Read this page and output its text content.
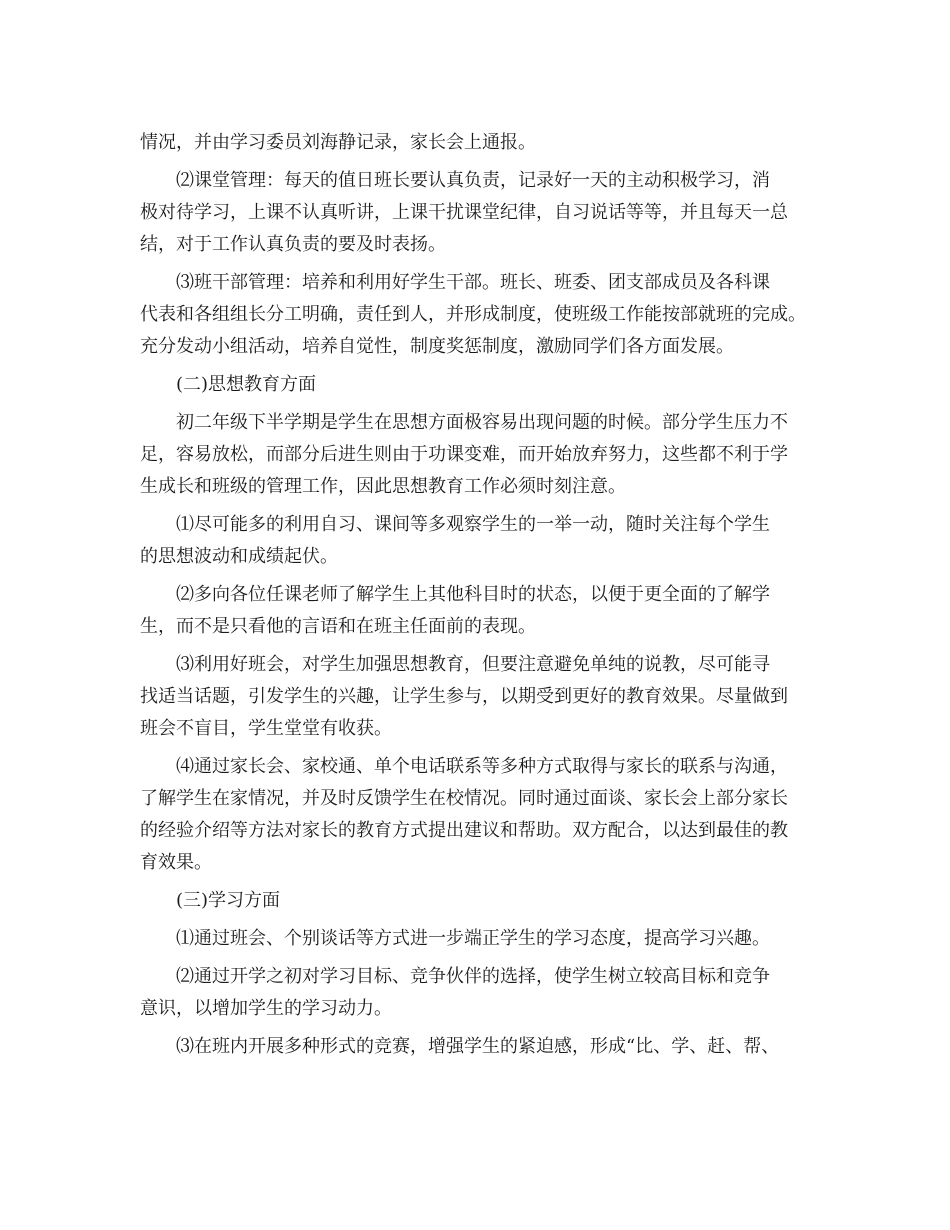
情况，并由学习委员刘海静记录，家长会上通报。
⑵课堂管理：每天的值日班长要认真负责，记录好一天的主动积极学习，消
极对待学习，上课不认真听讲，上课干扰课堂纪律，自习说话等等，并且每天一总
结，对于工作认真负责的要及时表扬。
⑶班干部管理：培养和利用好学生干部。班长、班委、团支部成员及各科课
代表和各组组长分工明确，责任到人，并形成制度，使班级工作能按部就班的完成。
充分发动小组活动，培养自觉性，制度奖惩制度，激励同学们各方面发展。
(二)思想教育方面
初二年级下半学期是学生在思想方面极容易出现问题的时候。部分学生压力不
足，容易放松，而部分后进生则由于功课变难，而开始放弃努力，这些都不利于学
生成长和班级的管理工作，因此思想教育工作必须时刻注意。
⑴尽可能多的利用自习、课间等多观察学生的一举一动，随时关注每个学生
的思想波动和成绩起伏。
⑵多向各位任课老师了解学生上其他科目时的状态，以便于更全面的了解学
生，而不是只看他的言语和在班主任面前的表现。
⑶利用好班会，对学生加强思想教育，但要注意避免单纯的说教，尽可能寻
找适当话题，引发学生的兴趣，让学生参与，以期受到更好的教育效果。尽量做到
班会不盲目，学生堂堂有收获。
⑷通过家长会、家校通、单个电话联系等多种方式取得与家长的联系与沟通，
了解学生在家情况，并及时反馈学生在校情况。同时通过面谈、家长会上部分家长
的经验介绍等方法对家长的教育方式提出建议和帮助。双方配合，以达到最佳的教
育效果。
(三)学习方面
⑴通过班会、个别谈话等方式进一步端正学生的学习态度，提高学习兴趣。
⑵通过开学之初对学习目标、竞争伙伴的选择，使学生树立较高目标和竞争
意识，以增加学生的学习动力。
⑶在班内开展多种形式的竞赛，增强学生的紧迫感，形成“比、学、赶、帮、
